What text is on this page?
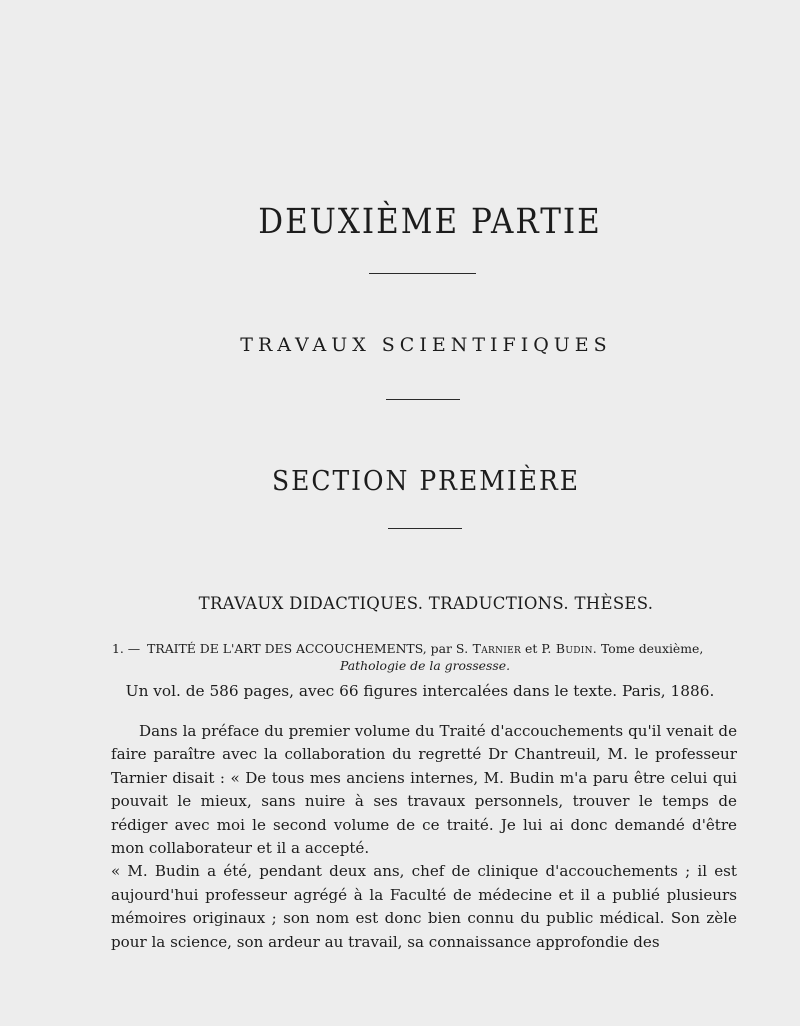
DEUXIÈME PARTIE
TRAVAUX SCIENTIFIQUES
SECTION PREMIÈRE
TRAVAUX DIDACTIQUES. TRADUCTIONS. THÈSES.
1. — TRAITÉ DE L'ART DES ACCOUCHEMENTS, par S. Tarnier et P. Budin. Tome deuxième,
Pathologie de la grossesse.
Un vol. de 586 pages, avec 66 figures intercalées dans le texte. Paris, 1886.

Dans la préface du premier volume du Traité d'accouchements qu'il venait de faire paraître avec la collaboration du regretté Dr Chantreuil, M. le professeur Tarnier disait : « De tous mes anciens internes, M. Budin m'a paru être celui qui pouvait le mieux, sans nuire à ses travaux personnels, trouver le temps de rédiger avec moi le second volume de ce traité. Je lui ai donc demandé d'être mon collaborateur et il a accepté.

« M. Budin a été, pendant deux ans, chef de clinique d'accouchements ; il est aujourd'hui professeur agrégé à la Faculté de médecine et il a publié plusieurs mémoires originaux ; son nom est donc bien connu du public médical. Son zèle pour la science, son ardeur au travail, sa connaissance approfondie des
